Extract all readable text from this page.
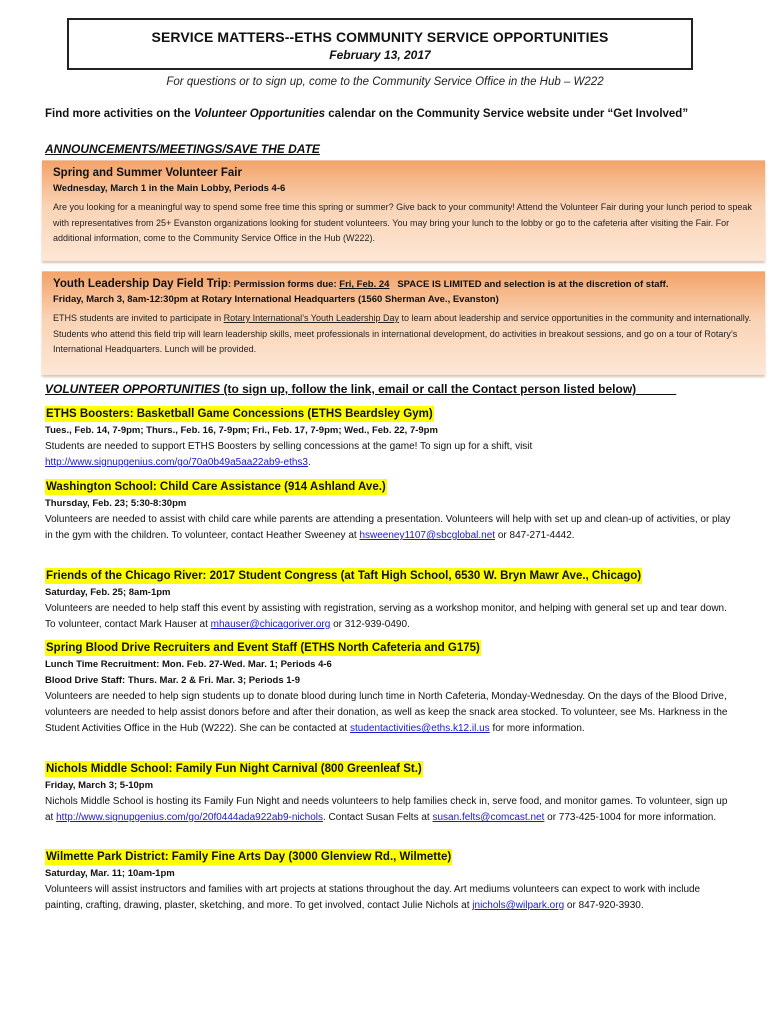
SERVICE MATTERS--ETHS COMMUNITY SERVICE OPPORTUNITIES
February 13, 2017
For questions or to sign up, come to the Community Service Office in the Hub – W222
Find more activities on the Volunteer Opportunities calendar on the Community Service website under “Get Involved”
ANNOUNCEMENTS/MEETINGS/SAVE THE DATE
Spring and Summer Volunteer Fair
Wednesday, March 1 in the Main Lobby, Periods 4-6
Are you looking for a meaningful way to spend some free time this spring or summer? Give back to your community! Attend the Volunteer Fair during your lunch period to speak with representatives from 25+ Evanston organizations looking for student volunteers. You may bring your lunch to the lobby or go to the cafeteria after visiting the Fair. For additional information, come to the Community Service Office in the Hub (W222).
Youth Leadership Day Field Trip: Permission forms due: Fri, Feb. 24   SPACE IS LIMITED and selection is at the discretion of staff.
Friday, March 3, 8am-12:30pm at Rotary International Headquarters (1560 Sherman Ave., Evanston)
ETHS students are invited to participate in Rotary International’s Youth Leadership Day to learn about leadership and service opportunities in the community and internationally. Students who attend this field trip will learn leadership skills, meet professionals in international development, do activities in breakout sessions, and go on a tour of Rotary’s International Headquarters. Lunch will be provided.
VOLUNTEER OPPORTUNITIES (to sign up, follow the link, email or call the Contact person listed below)______
ETHS Boosters: Basketball Game Concessions (ETHS Beardsley Gym)
Tues., Feb. 14, 7-9pm; Thurs., Feb. 16, 7-9pm; Fri., Feb. 17, 7-9pm; Wed., Feb. 22, 7-9pm
Students are needed to support ETHS Boosters by selling concessions at the game! To sign up for a shift, visit http://www.signupgenius.com/go/70a0b49a5aa22ab9-eths3.
Washington School: Child Care Assistance (914 Ashland Ave.)
Thursday, Feb. 23; 5:30-8:30pm
Volunteers are needed to assist with child care while parents are attending a presentation. Volunteers will help with set up and clean-up of activities, or play in the gym with the children. To volunteer, contact Heather Sweeney at hsweeney1107@sbcglobal.net or 847-271-4442.
Friends of the Chicago River: 2017 Student Congress (at Taft High School, 6530 W. Bryn Mawr Ave., Chicago)
Saturday, Feb. 25; 8am-1pm
Volunteers are needed to help staff this event by assisting with registration, serving as a workshop monitor, and helping with general set up and tear down. To volunteer, contact Mark Hauser at mhauser@chicagoriver.org or 312-939-0490.
Spring Blood Drive Recruiters and Event Staff (ETHS North Cafeteria and G175)
Lunch Time Recruitment: Mon. Feb. 27-Wed. Mar. 1; Periods 4-6
Blood Drive Staff: Thurs. Mar. 2 & Fri. Mar. 3; Periods 1-9
Volunteers are needed to help sign students up to donate blood during lunch time in North Cafeteria, Monday-Wednesday. On the days of the Blood Drive, volunteers are needed to help assist donors before and after their donation, as well as keep the snack area stocked. To volunteer, see Ms. Harkness in the Student Activities Office in the Hub (W222). She can be contacted at studentactivities@eths.k12.il.us for more information.
Nichols Middle School: Family Fun Night Carnival (800 Greenleaf St.)
Friday, March 3; 5-10pm
Nichols Middle School is hosting its Family Fun Night and needs volunteers to help families check in, serve food, and monitor games. To volunteer, sign up at http://www.signupgenius.com/go/20f0444ada922ab9-nichols. Contact Susan Felts at susan.felts@comcast.net or 773-425-1004 for more information.
Wilmette Park District: Family Fine Arts Day (3000 Glenview Rd., Wilmette)
Saturday, Mar. 11; 10am-1pm
Volunteers will assist instructors and families with art projects at stations throughout the day. Art mediums volunteers can expect to work with include painting, crafting, drawing, plaster, sketching, and more. To get involved, contact Julie Nichols at jnichols@wilpark.org or 847-920-3930.
